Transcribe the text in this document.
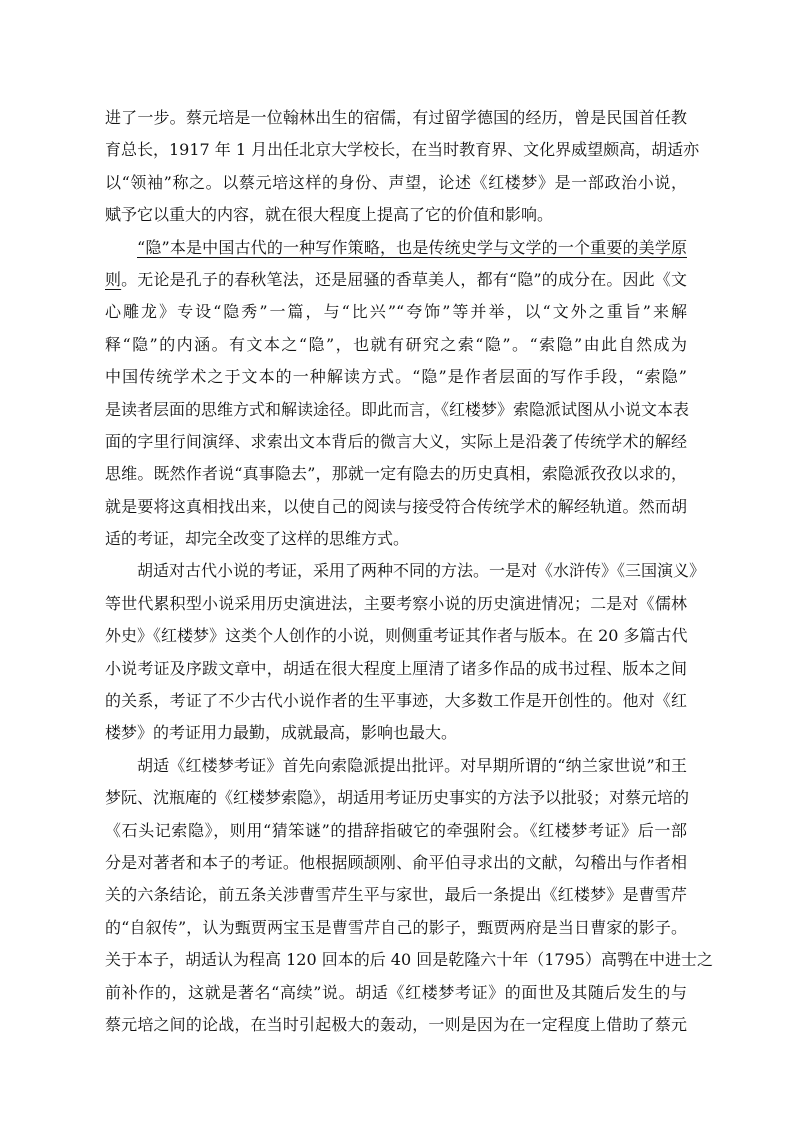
进了一步。蔡元培是一位翰林出生的宿儒，有过留学德国的经历，曾是民国首任教
育总长，1917 年 1 月出任北京大学校长，在当时教育界、文化界威望颇高，胡适亦
以“领袖”称之。以蔡元培这样的身份、声望，论述《红楼梦》是一部政治小说，
赋予它以重大的内容，就在很大程度上提高了它的价值和影响。
“隐”本是中国古代的一种写作策略，也是传统史学与文学的一个重要的美学原
则。无论是孔子的春秋笔法，还是屈骚的香草美人，都有“隐”的成分在。因此《文
心雕龙》专设“隐秀”一篇，与“比兴”“夸饰”等并举，以“文外之重旨”来解
释“隐”的内涵。有文本之“隐”，也就有研究之索“隐”。“索隐”由此自然成为
中国传统学术之于文本的一种解读方式。“隐”是作者层面的写作手段，“索隐”
是读者层面的思维方式和解读途径。即此而言，《红楼梦》索隐派试图从小说文本表
面的字里行间演绎、求索出文本背后的微言大义，实际上是沿袭了传统学术的解经
思维。既然作者说“真事隐去”，那就一定有隐去的历史真相，索隐派孜孜以求的，
就是要将这真相找出来，以使自己的阅读与接受符合传统学术的解经轨道。然而胡
适的考证，却完全改变了这样的思维方式。
胡适对古代小说的考证，采用了两种不同的方法。一是对《水浒传》《三国演义》
等世代累积型小说采用历史演进法，主要考察小说的历史演进情况；二是对《儒林
外史》《红楼梦》这类个人创作的小说，则侧重考证其作者与版本。在 20 多篇古代
小说考证及序跋文章中，胡适在很大程度上厘清了诸多作品的成书过程、版本之间
的关系，考证了不少古代小说作者的生平事迹，大多数工作是开创性的。他对《红
楼梦》的考证用力最勤，成就最高，影响也最大。
胡适《红楼梦考证》首先向索隐派提出批评。对早期所谓的“纳兰家世说”和王
梦阮、沈瓶庵的《红楼梦索隐》，胡适用考证历史事实的方法予以批驳；对蔡元培的
《石头记索隐》，则用“猜笨谜”的措辞指破它的牵强附会。《红楼梦考证》后一部
分是对著者和本子的考证。他根据顾颉刚、俞平伯寻求出的文献，勾稽出与作者相
关的六条结论，前五条关涉曹雪芹生平与家世，最后一条提出《红楼梦》是曹雪芹
的“自叙传”，认为甄贾两宝玉是曹雪芹自己的影子，甄贾两府是当日曹家的影子。
关于本子，胡适认为程高 120 回本的后 40 回是乾隆六十年（1795）高鹗在中进士之
前补作的，这就是著名“高续”说。胡适《红楼梦考证》的面世及其随后发生的与
蔡元培之间的论战，在当时引起极大的轰动，一则是因为在一定程度上借助了蔡元
